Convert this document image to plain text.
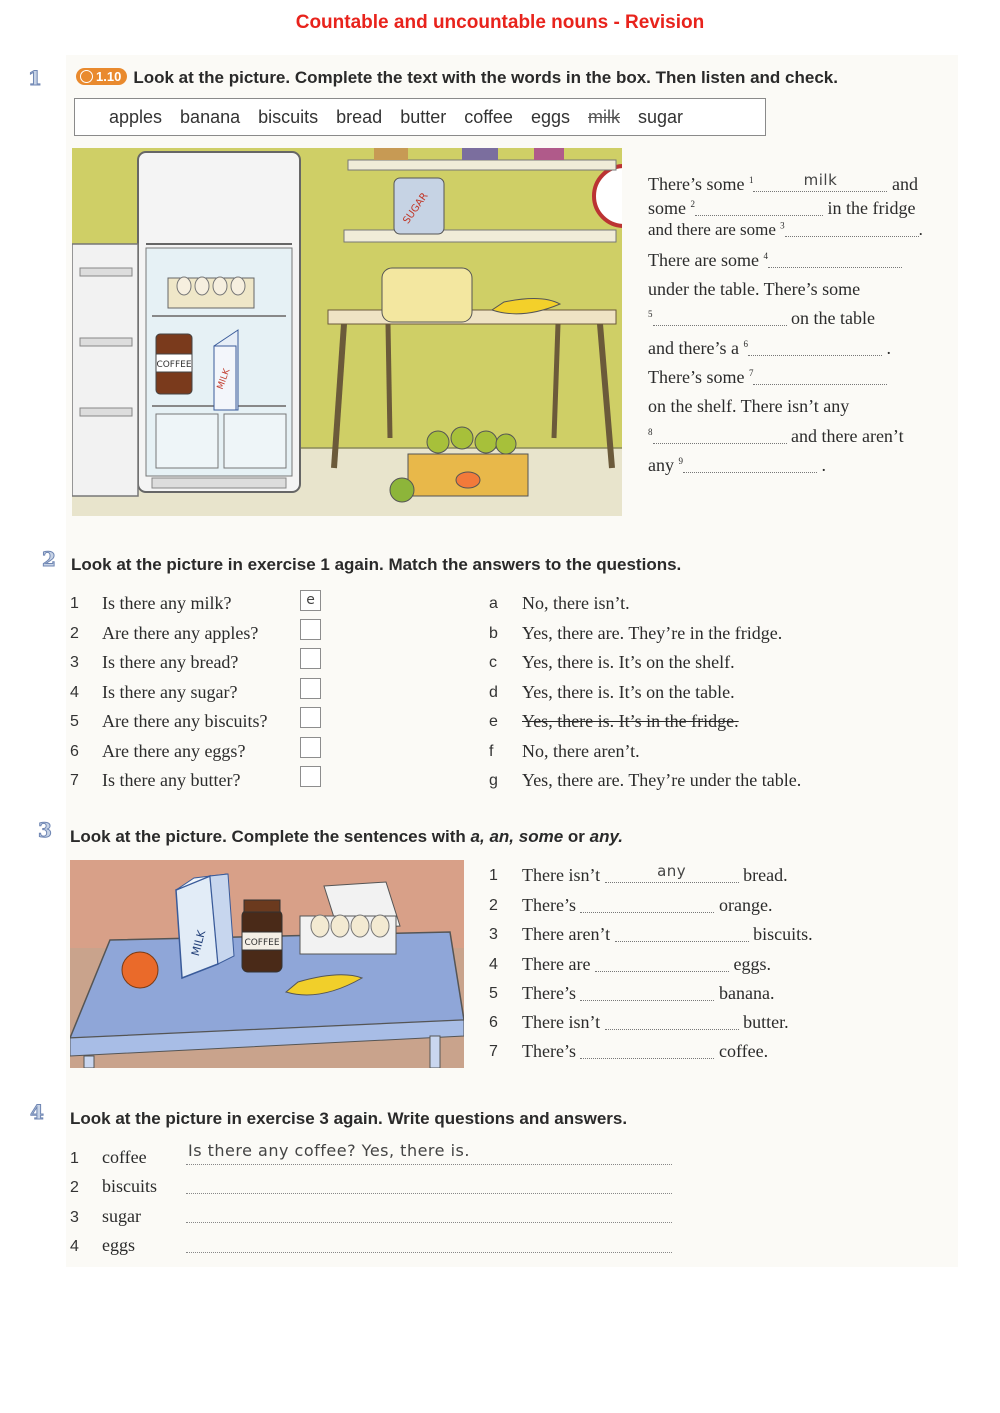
Countable and uncountable nouns - Revision
1	1.10 Look at the picture. Complete the text with the words in the box. Then listen and check.
apples banana biscuits bread butter coffee eggs milk sugar
COFFEE
MILK
SUGAR
There’s some $^1$	milk	and
some $^2$	in the fridge
and there are some $^3$	.
There are some $^4$
under the table. There’s some
$^5$	on the table
and there’s a $^6$	.
There’s some $^7$
on the shelf. There isn’t any
$^8$	and there aren’t
any $^9$	.
2 Look at the picture in exercise 1 again. Match the answers to the questions.
1 Is there any milk?	e
2 Are there any apples?
3 Is there any bread?
4 Is there any sugar?
5 Are there any biscuits?
6 Are there any eggs?
7 Is there any butter?
a No, there isn’t.
b Yes, there are. They’re in the fridge.
c Yes, there is. It’s on the shelf.
d Yes, there is. It’s on the table.
e Yes, there is. It’s in the fridge.
f No, there aren’t.
g Yes, there are. They’re under the table.
3 Look at the picture. Complete the sentences with a, an, some or any.
MILK	COFFEE
1 There isn’t	any	bread.
2 There’s	orange.
3 There aren’t	biscuits.
4 There are	eggs.
5 There’s	banana.
6 There isn’t	butter.
7 There’s	coffee.
4 Look at the picture in exercise 3 again. Write questions and answers.
1 coffee	Is there any coffee? Yes, there is.
2 biscuits
3 sugar
4 eggs
